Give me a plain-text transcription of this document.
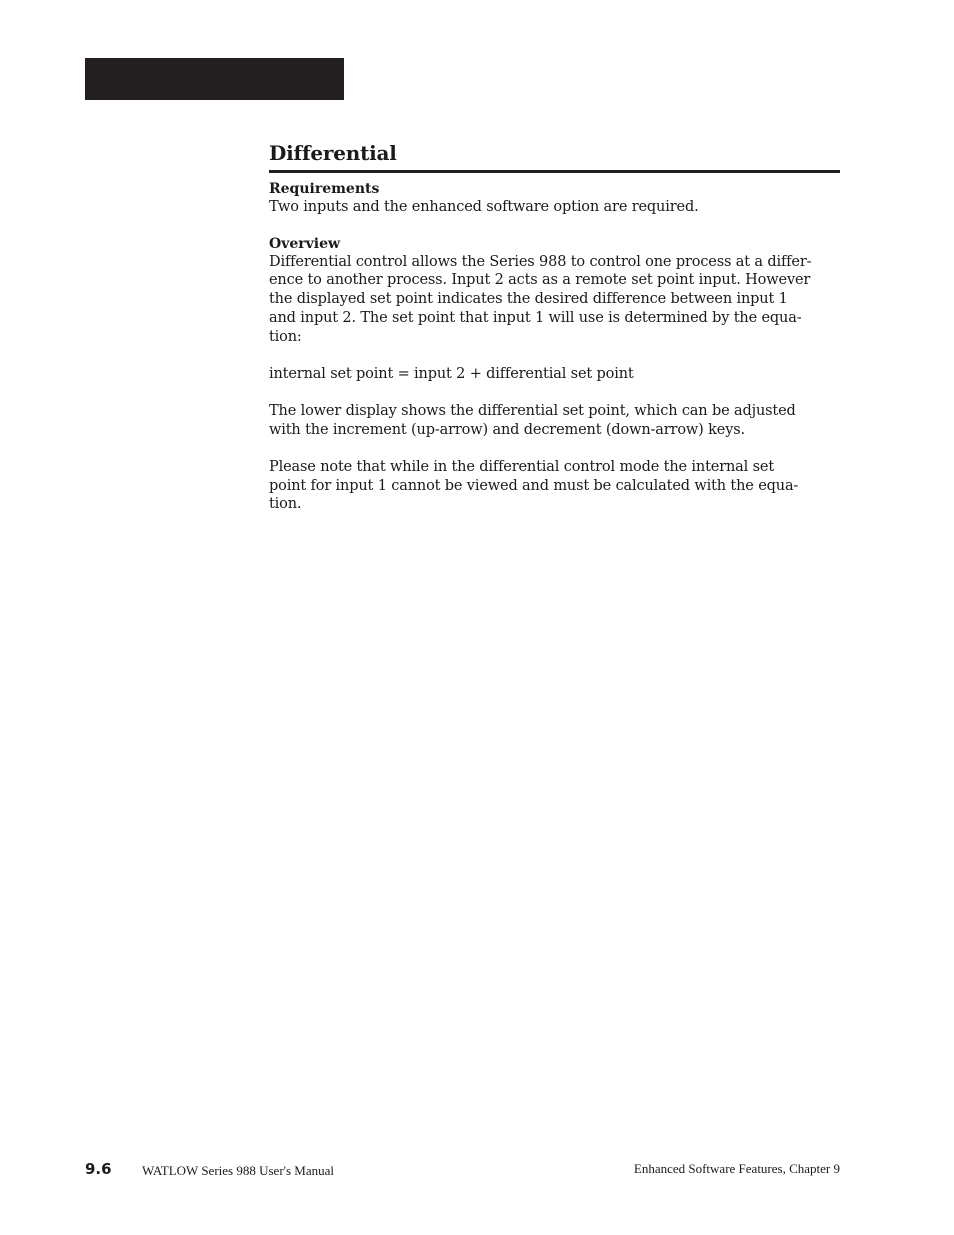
Differential
Requirements

Two inputs and the enhanced software option are required.

Overview

Differential control allows the Series 988 to control one process at a differ-
ence to another process. Input 2 acts as a remote set point input. However
the displayed set point indicates the desired difference between input 1
and input 2. The set point that input 1 will use is determined by the equa-
tion:

internal set point = input 2 + differential set point

The lower display shows the differential set point, which can be adjusted
with the increment (up-arrow) and decrement (down-arrow) keys.

Please note that while in the differential control mode the internal set
point for input 1 cannot be viewed and must be calculated with the equa-
tion.

9.6 WATLOW Series 988 User's Manual	Enhanced Software Features, Chapter 9
